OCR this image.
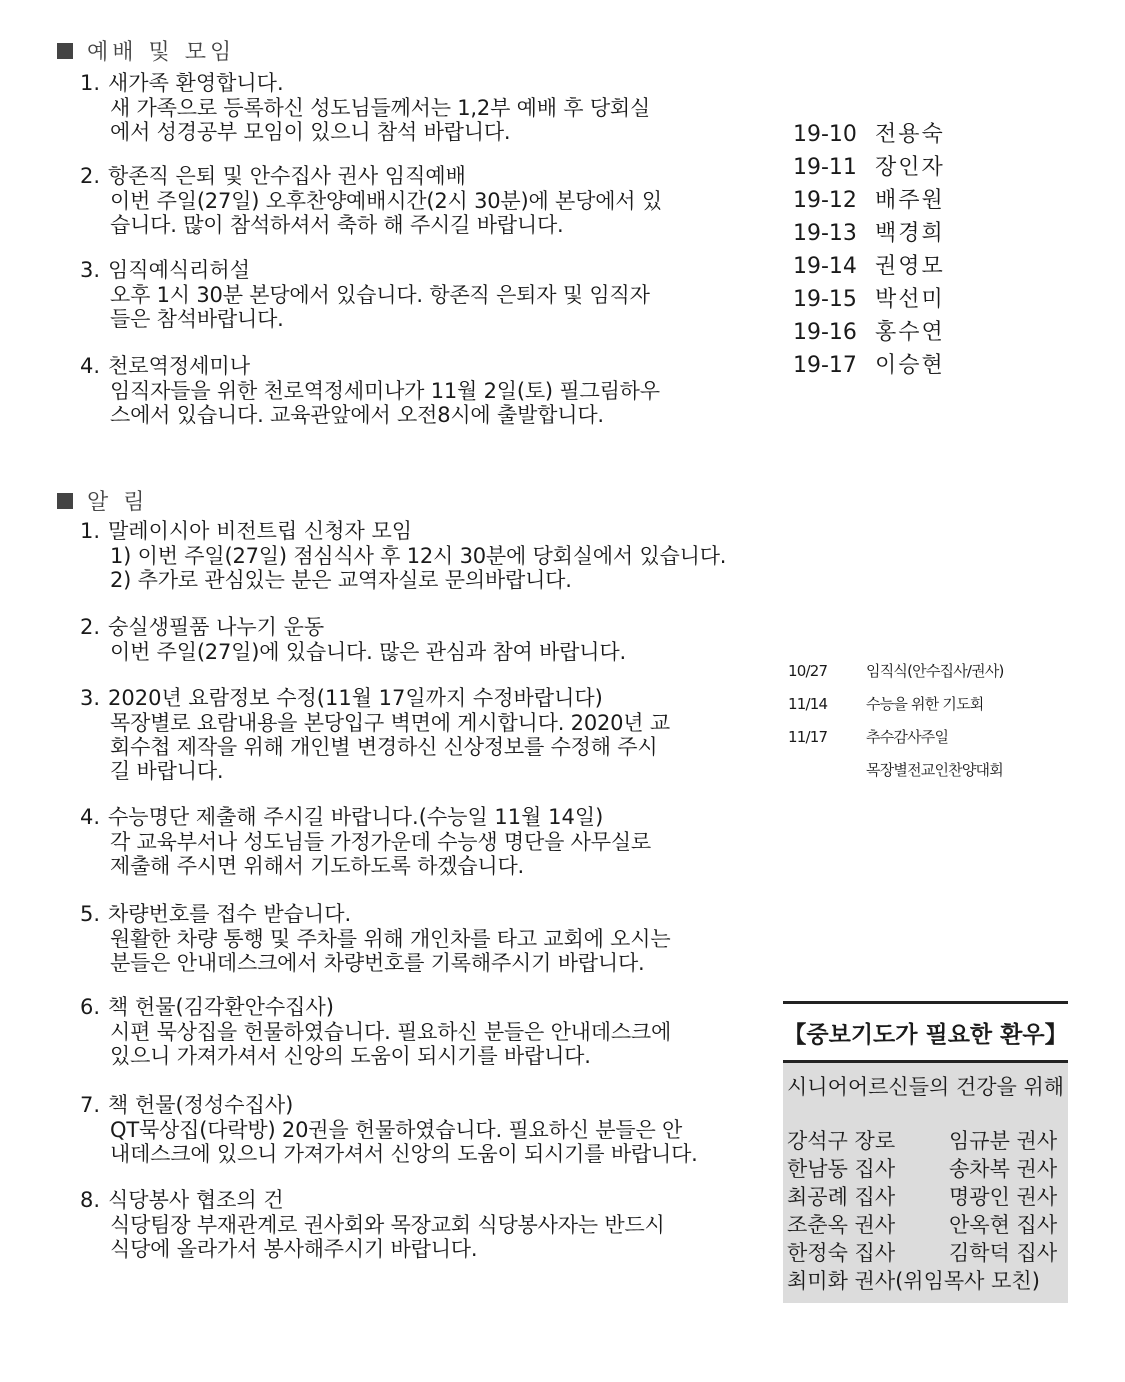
예배 및 모임
1. 새가족 환영합니다.
새 가족으로 등록하신 성도님들께서는 1,2부 예배 후 당회실
에서 성경공부 모임이 있으니 참석 바랍니다.
2. 항존직 은퇴 및 안수집사 권사 임직예배
이번 주일(27일) 오후찬양예배시간(2시 30분)에 본당에서 있
습니다. 많이 참석하셔서 축하 해 주시길 바랍니다.
3. 임직예식리허설
오후 1시 30분 본당에서 있습니다. 항존직 은퇴자 및 임직자
들은 참석바랍니다.
4. 천로역정세미나
임직자들을 위한 천로역정세미나가 11월 2일(토) 필그림하우
스에서 있습니다. 교육관앞에서 오전8시에 출발합니다.
알 림
1. 말레이시아 비전트립 신청자 모임
1) 이번 주일(27일) 점심식사 후 12시 30분에 당회실에서 있습니다.
2) 추가로 관심있는 분은 교역자실로 문의바랍니다.
2. 숭실생필품 나누기 운동
이번 주일(27일)에 있습니다. 많은 관심과 참여 바랍니다.
3. 2020년 요람정보 수정(11월 17일까지 수정바랍니다)
목장별로 요람내용을 본당입구 벽면에 게시합니다. 2020년 교
회수첩 제작을 위해 개인별 변경하신 신상정보를 수정해 주시
길 바랍니다.
4. 수능명단 제출해 주시길 바랍니다.(수능일 11월 14일)
각 교육부서나 성도님들 가정가운데 수능생 명단을 사무실로
제출해 주시면 위해서 기도하도록 하겠습니다.
5. 차량번호를 접수 받습니다.
원활한 차량 통행 및 주차를 위해 개인차를 타고 교회에 오시는
분들은 안내데스크에서 차량번호를 기록해주시기 바랍니다.
6. 책 헌물(김각환안수집사)
시편 묵상집을 헌물하였습니다. 필요하신 분들은 안내데스크에
있으니 가져가셔서 신앙의 도움이 되시기를 바랍니다.
7. 책 헌물(정성수집사)
QT묵상집(다락방) 20권을 헌물하였습니다. 필요하신 분들은 안
내데스크에 있으니 가져가셔서 신앙의 도움이 되시기를 바랍니다.
8. 식당봉사 협조의 건
식당팀장 부재관계로 권사회와 목장교회 식당봉사자는 반드시
식당에 올라가서 봉사해주시기 바랍니다.
19-10 전용숙
19-11 장인자
19-12 배주원
19-13 백경희
19-14 권영모
19-15 박선미
19-16 홍수연
19-17 이승현
10/27	임직식(안수집사/권사)
11/14	수능을 위한 기도회
11/17	추수감사주일
목장별전교인찬양대회
【중보기도가 필요한 환우】
시니어어르신들의 건강을 위해
강석구 장로	임규분 권사
한남동 집사	송차복 권사
최공례 집사	명광인 권사
조춘옥 권사	안옥현 집사
한정숙 집사	김학덕 집사
최미화 권사(위임목사 모친)
